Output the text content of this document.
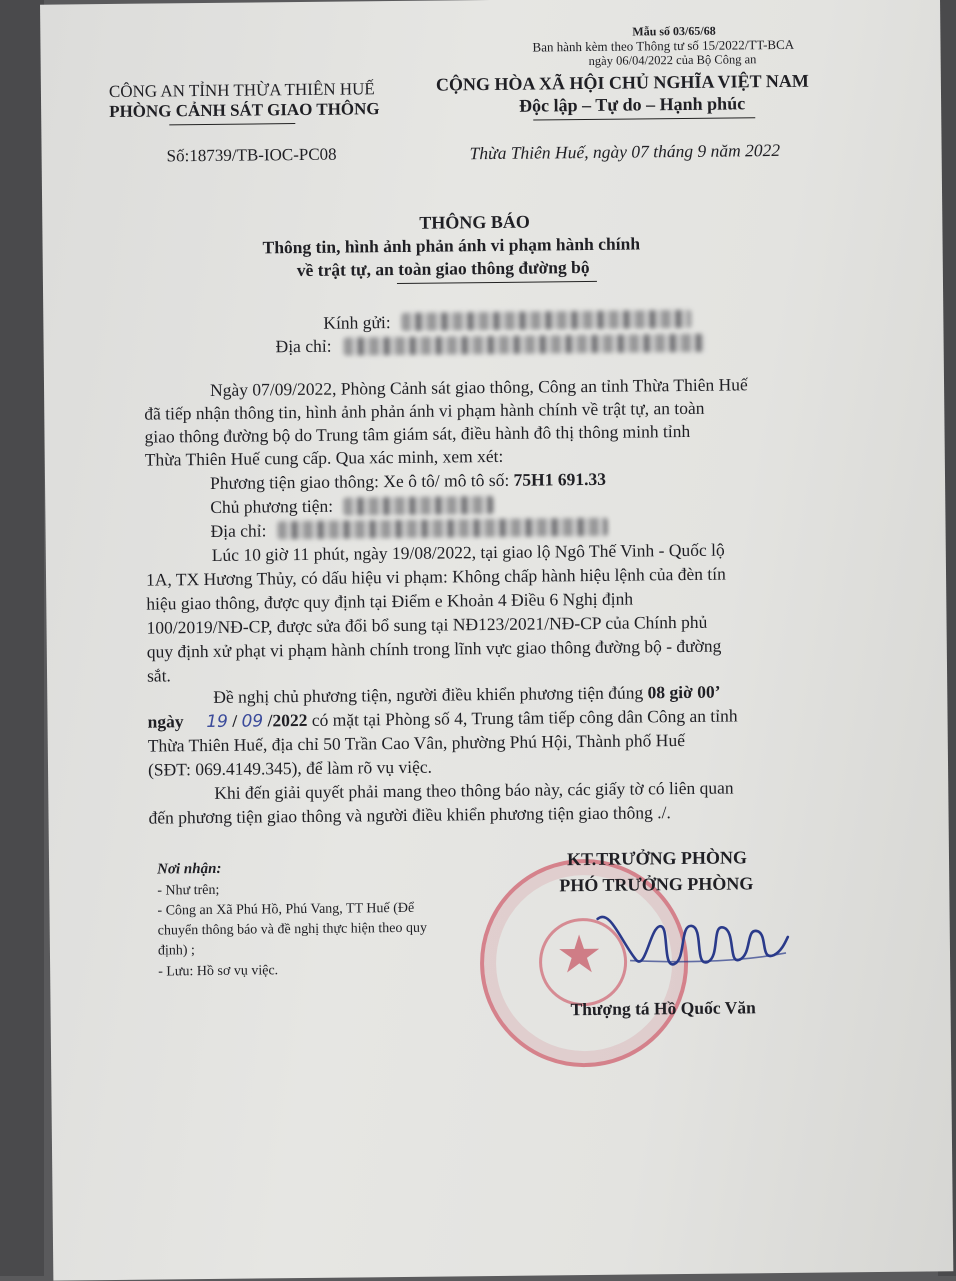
Mẫu số 03/65/68
Ban hành kèm theo Thông tư số 15/2022/TT-BCA
ngày 06/04/2022 của Bộ Công an
CÔNG AN TỈNH THỪA THIÊN HUẾ
PHÒNG CẢNH SÁT GIAO THÔNG
Số:18739/TB-IOC-PC08
CỘNG HÒA XÃ HỘI CHỦ NGHĨA VIỆT NAM
Độc lập – Tự do – Hạnh phúc
Thừa Thiên Huế, ngày 07 tháng 9 năm 2022
THÔNG BÁO
Thông tin, hình ảnh phản ánh vi phạm hành chính
về trật tự, an toàn giao thông đường bộ
Kính gửi:
Địa chỉ:
Ngày 07/09/2022, Phòng Cảnh sát giao thông, Công an tỉnh Thừa Thiên Huế
đã tiếp nhận thông tin, hình ảnh phản ánh vi phạm hành chính về trật tự, an toàn
giao thông đường bộ do Trung tâm giám sát, điều hành đô thị thông minh tỉnh
Thừa Thiên Huế cung cấp. Qua xác minh, xem xét:
Phương tiện giao thông: Xe ô tô/ mô tô số: 75H1 691.33
Chủ phương tiện:
Địa chỉ:
Lúc 10 giờ 11 phút, ngày 19/08/2022, tại giao lộ Ngô Thế Vinh - Quốc lộ
1A, TX Hương Thủy, có dấu hiệu vi phạm: Không chấp hành hiệu lệnh của đèn tín
hiệu giao thông, được quy định tại Điểm e Khoản 4 Điều 6 Nghị định
100/2019/NĐ-CP, được sửa đổi bổ sung tại NĐ123/2021/NĐ-CP của Chính phủ
quy định xử phạt vi phạm hành chính trong lĩnh vực giao thông đường bộ - đường
sắt.
Đề nghị chủ phương tiện, người điều khiển phương tiện đúng 08 giờ 00’
ngày 19 / 09 /2022 có mặt tại Phòng số 4, Trung tâm tiếp công dân Công an tỉnh
Thừa Thiên Huế, địa chỉ 50 Trần Cao Vân, phường Phú Hội, Thành phố Huế
(SĐT: 069.4149.345), để làm rõ vụ việc.
Khi đến giải quyết phải mang theo thông báo này, các giấy tờ có liên quan
đến phương tiện giao thông và người điều khiển phương tiện giao thông ./.
Nơi nhận:
- Như trên;
- Công an Xã Phú Hồ, Phú Vang, TT Huế (Để
chuyển thông báo và đề nghị thực hiện theo quy
định) ;
- Lưu: Hồ sơ vụ việc.	★
KT.TRƯỞNG PHÒNG
PHÓ TRƯỞNG PHÒNG
Thượng tá Hồ Quốc Văn
